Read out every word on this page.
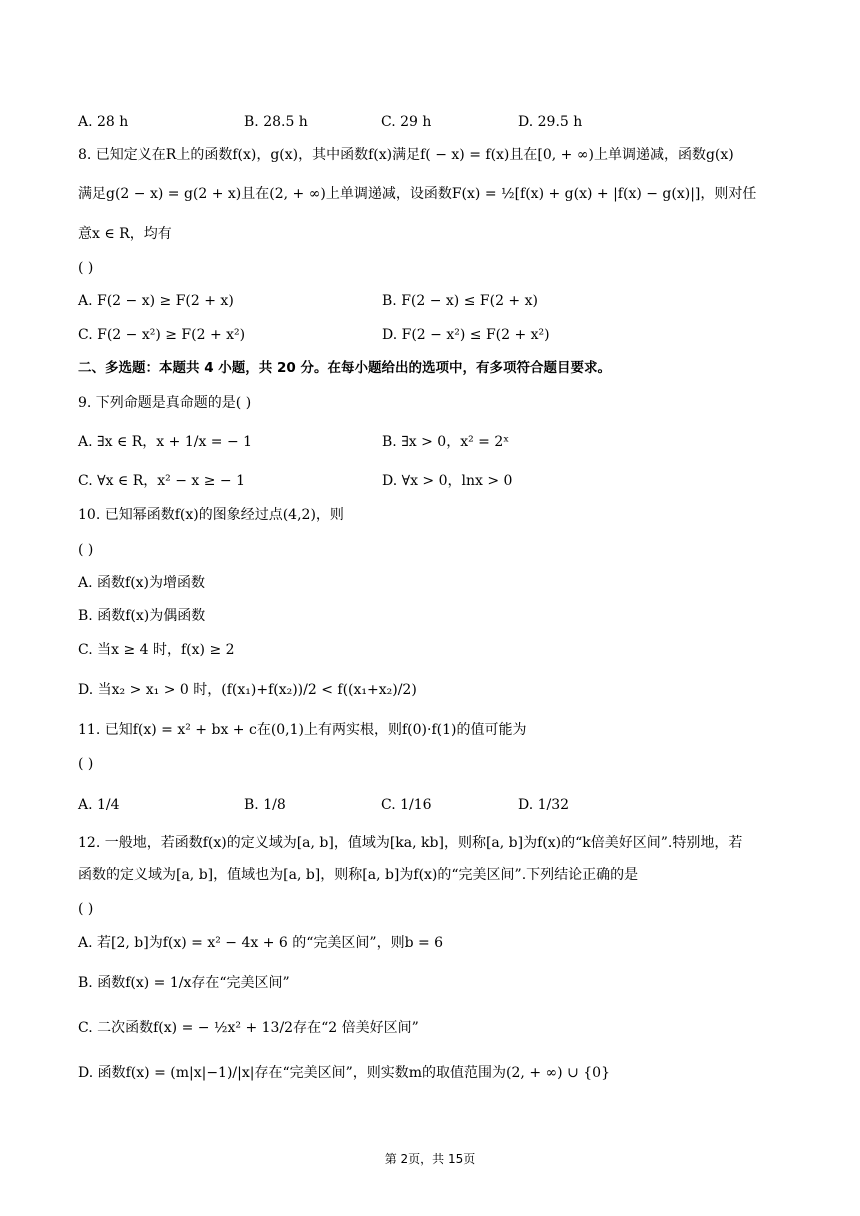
A. 28 h	B. 28.5 h	C. 29 h	D. 29.5 h
8. 已知定义在R上的函数f(x)，g(x)，其中函数f(x)满足f( − x) = f(x)且在[0, + ∞)上单调递减，函数g(x)
满足g(2 − x) = g(2 + x)且在(2, + ∞)上单调递减，设函数F(x) = ½[f(x) + g(x) + |f(x) − g(x)|]，则对任
意x ∈ R，均有
( )
A. F(2 − x) ≥ F(2 + x)	B. F(2 − x) ≤ F(2 + x)
C. F(2 − x²) ≥ F(2 + x²)	D. F(2 − x²) ≤ F(2 + x²)
二、多选题：本题共 4 小题，共 20 分。在每小题给出的选项中，有多项符合题目要求。
9. 下列命题是真命题的是( )
A. ∃x ∈ R，x + 1/x = − 1	B. ∃x > 0，x² = 2ˣ
C. ∀x ∈ R，x² − x ≥ − 1	D. ∀x > 0，lnx > 0
10. 已知幂函数f(x)的图象经过点(4,2)，则
( )
A. 函数f(x)为增函数
B. 函数f(x)为偶函数
C. 当x ≥ 4 时，f(x) ≥ 2
D. 当x₂ > x₁ > 0 时，(f(x₁)+f(x₂))/2 < f((x₁+x₂)/2)
11. 已知f(x) = x² + bx + c在(0,1)上有两实根，则f(0)·f(1)的值可能为
( )
A. 1/4	B. 1/8	C. 1/16	D. 1/32
12. 一般地，若函数f(x)的定义域为[a, b]，值域为[ka, kb]，则称[a, b]为f(x)的“k倍美好区间”.特别地，若
函数的定义域为[a, b]，值域也为[a, b]，则称[a, b]为f(x)的“完美区间”.下列结论正确的是
( )
A. 若[2, b]为f(x) = x² − 4x + 6 的“完美区间”，则b = 6
B. 函数f(x) = 1/x存在“完美区间”
C. 二次函数f(x) = − ½x² + 13/2存在“2 倍美好区间”
D. 函数f(x) = (m|x|−1)/|x|存在“完美区间”，则实数m的取值范围为(2, + ∞) ∪ {0}
第 2页，共 15页
